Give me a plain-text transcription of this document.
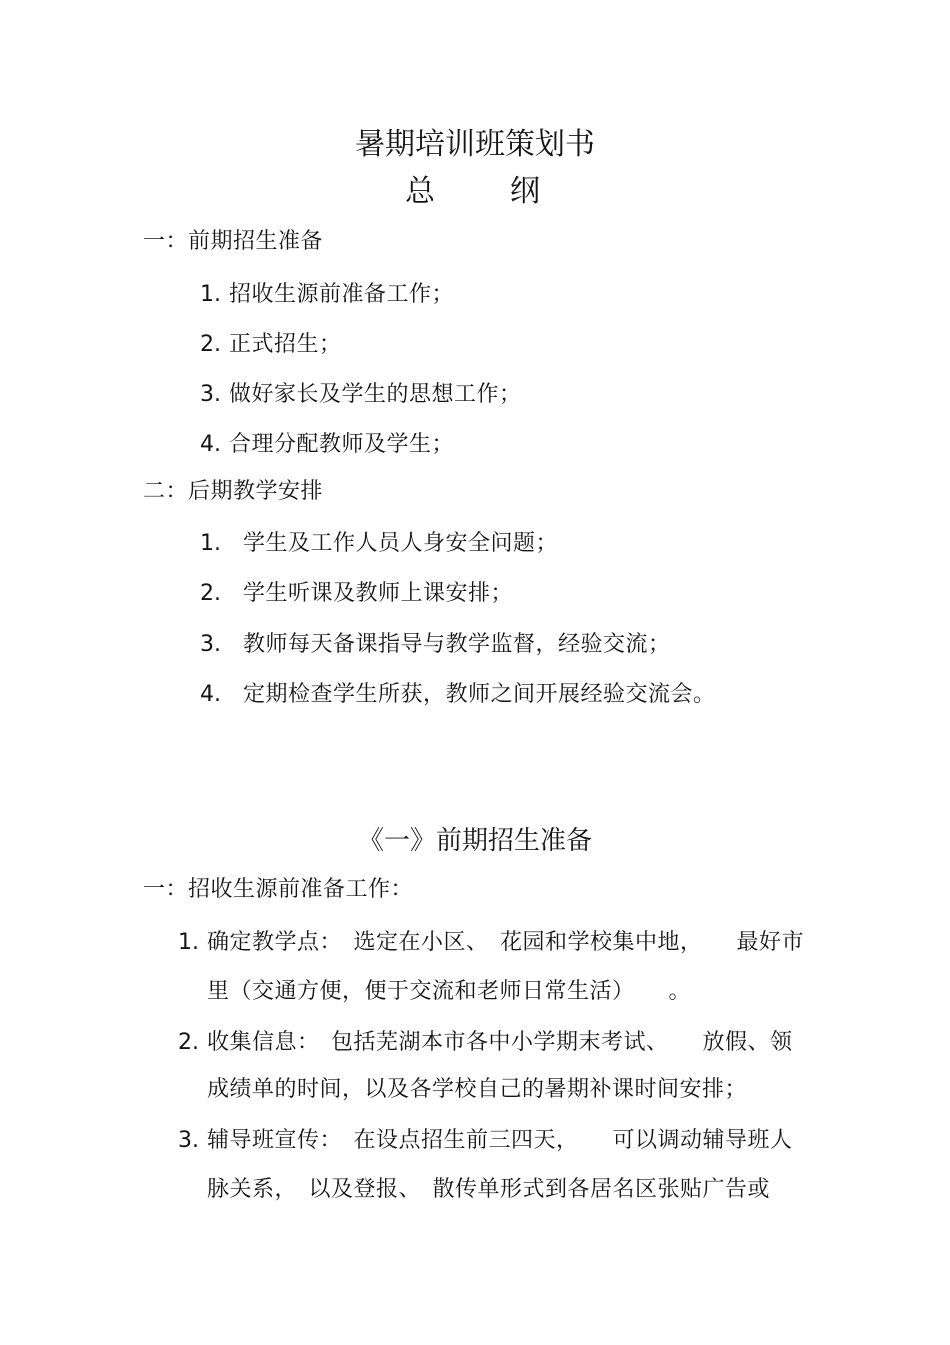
暑期培训班策划书
总	纲
一：前期招生准备
1. 招收生源前准备工作；
2. 正式招生；
3. 做好家长及学生的思想工作；
4. 合理分配教师及学生；
二：后期教学安排
1. 学生及工作人员人身安全问题；
2. 学生听课及教师上课安排；
3. 教师每天备课指导与教学监督，经验交流；
4. 定期检查学生所获，教师之间开展经验交流会。
《一》前期招生准备
一：招收生源前准备工作：
1. 确定教学点：　选定在小区、　花园和学校集中地，　　最好市
里（交通方便，便于交流和老师日常生活）　　。
2. 收集信息：　包括芜湖本市各中小学期末考试、　　放假、领
成绩单的时间，以及各学校自己的暑期补课时间安排；
3. 辅导班宣传：　在设点招生前三四天，　　可以调动辅导班人
脉关系，　以及登报、　散传单形式到各居名区张贴广告或
